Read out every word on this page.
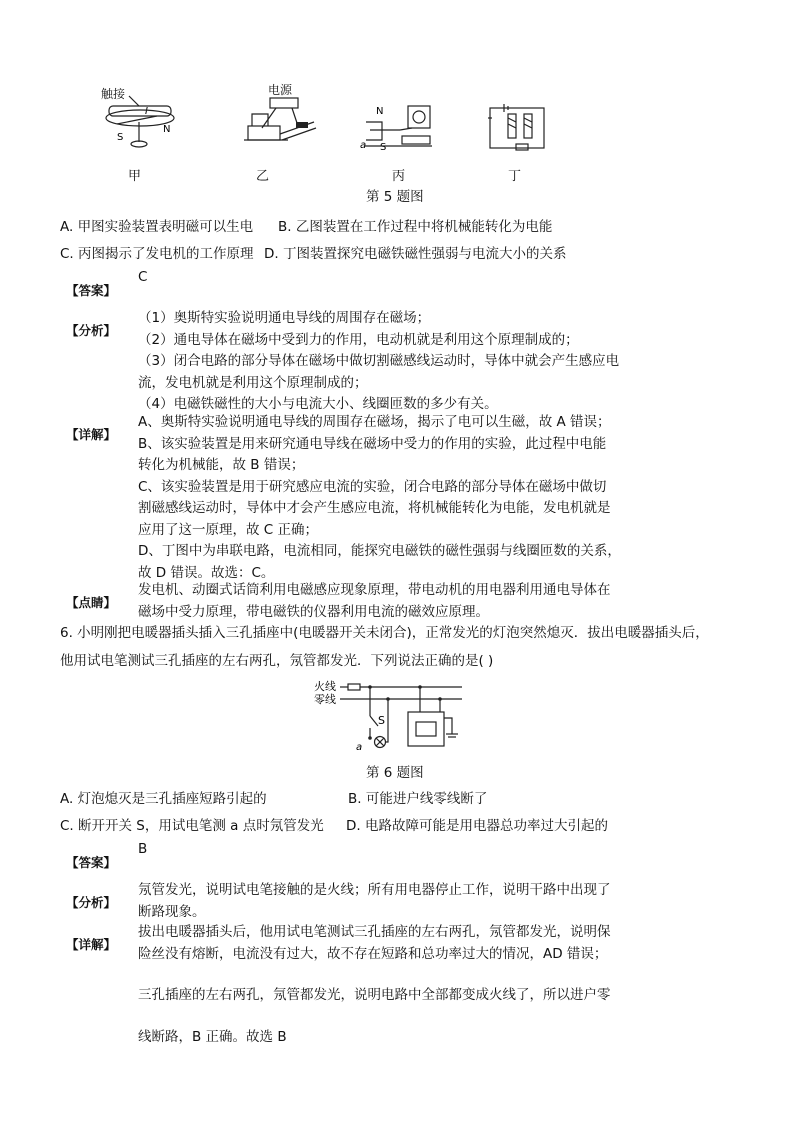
触接
I
S
N
电源
N
S
a
甲	乙	丙	丁
第 5 题图
A. 甲图实验装置表明磁可以生电 B. 乙图装置在工作过程中将机械能转化为电能
C. 丙图揭示了发电机的工作原理 D. 丁图装置探究电磁铁磁性强弱与电流大小的关系
【答案】
C
【分析】
（1）奥斯特实验说明通电导线的周围存在磁场；
（2）通电导体在磁场中受到力的作用，电动机就是利用这个原理制成的；
（3）闭合电路的部分导体在磁场中做切割磁感线运动时，导体中就会产生感应电
流，发电机就是利用这个原理制成的；
（4）电磁铁磁性的大小与电流大小、线圈匝数的多少有关。
【详解】
A、奥斯特实验说明通电导线的周围存在磁场，揭示了电可以生磁，故 A 错误；
B、该实验装置是用来研究通电导线在磁场中受力的作用的实验，此过程中电能
转化为机械能，故 B 错误；
C、该实验装置是用于研究感应电流的实验，闭合电路的部分导体在磁场中做切
割磁感线运动时，导体中才会产生感应电流，将机械能转化为电能，发电机就是
应用了这一原理，故 C 正确；
D、丁图中为串联电路，电流相同，能探究电磁铁的磁性强弱与线圈匝数的关系，
故 D 错误。故选：C。
【点睛】
发电机、动圈式话筒利用电磁感应现象原理，带电动机的用电器利用通电导体在
磁场中受力原理，带电磁铁的仪器利用电流的磁效应原理。
6. 小明刚把电暖器插头插入三孔插座中(电暖器开关未闭合)，正常发光的灯泡突然熄灭．拔出电暖器插头后，
他用试电笔测试三孔插座的左右两孔，氖管都发光．下列说法正确的是( )
火线
零线
S
a
第 6 题图
A. 灯泡熄灭是三孔插座短路引起的	B. 可能进户线零线断了
C. 断开开关 S，用试电笔测 a 点时氖管发光 D. 电路故障可能是用电器总功率过大引起的
【答案】
B
【分析】
氖管发光，说明试电笔接触的是火线；所有用电器停止工作，说明干路中出现了
断路现象。
【详解】
拔出电暖器插头后，他用试电笔测试三孔插座的左右两孔，氖管都发光，说明保
险丝没有熔断，电流没有过大，故不存在短路和总功率过大的情况，AD 错误；
三孔插座的左右两孔，氖管都发光，说明电路中全部都变成火线了，所以进户零
线断路，B 正确。故选 B
